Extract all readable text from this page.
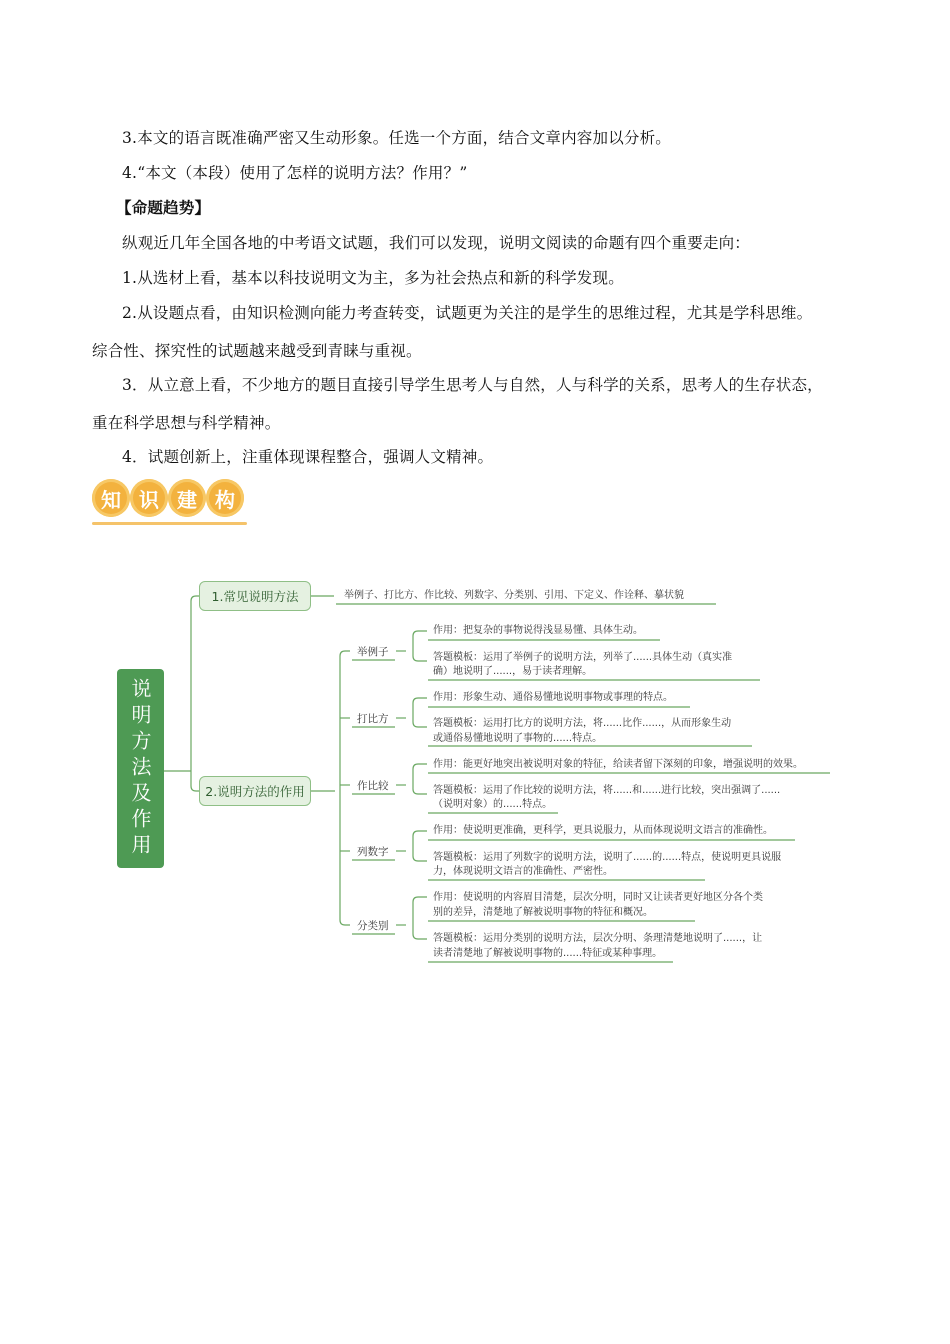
3.本文的语言既准确严密又生动形象。任选一个方面，结合文章内容加以分析。
4.“本文（本段）使用了怎样的说明方法？作用？”
【命题趋势】
纵观近几年全国各地的中考语文试题，我们可以发现，说明文阅读的命题有四个重要走向：
1.从选材上看，基本以科技说明文为主，多为社会热点和新的科学发现。
2.从设题点看，由知识检测向能力考查转变，试题更为关注的是学生的思维过程，尤其是学科思维。
综合性、探究性的试题越来越受到青睐与重视。
3．从立意上看，不少地方的题目直接引导学生思考人与自然，人与科学的关系，思考人的生存状态，
重在科学思想与科学精神。
4．试题创新上，注重体现课程整合，强调人文精神。
知 识 建 构
说明方法及作用
1.常见说明方法	举例子、打比方、作比较、列数字、分类别、引用、下定义、作诠释、摹状貌
2.说明方法的作用
举例子
作用：把复杂的事物说得浅显易懂、具体生动。
答题模板：运用了举例子的说明方法，列举了......具体生动（真实准
确）地说明了......，易于读者理解。
打比方
作用：形象生动、通俗易懂地说明事物或事理的特点。
答题模板：运用打比方的说明方法，将......比作......，从而形象生动
或通俗易懂地说明了事物的......特点。
作比较
作用：能更好地突出被说明对象的特征，给读者留下深刻的印象，增强说明的效果。
答题模板：运用了作比较的说明方法，将......和......进行比较，突出强调了......
（说明对象）的......特点。
列数字
作用：使说明更准确，更科学，更具说服力，从而体现说明文语言的准确性。
答题模板：运用了列数字的说明方法，说明了......的......特点，使说明更具说服
力，体现说明文语言的准确性、严密性。
分类别
作用：使说明的内容眉目清楚，层次分明，同时又让读者更好地区分各个类
别的差异，清楚地了解被说明事物的特征和概况。
答题模板：运用分类别的说明方法，层次分明、条理清楚地说明了......，让
读者清楚地了解被说明事物的......特征或某种事理。
